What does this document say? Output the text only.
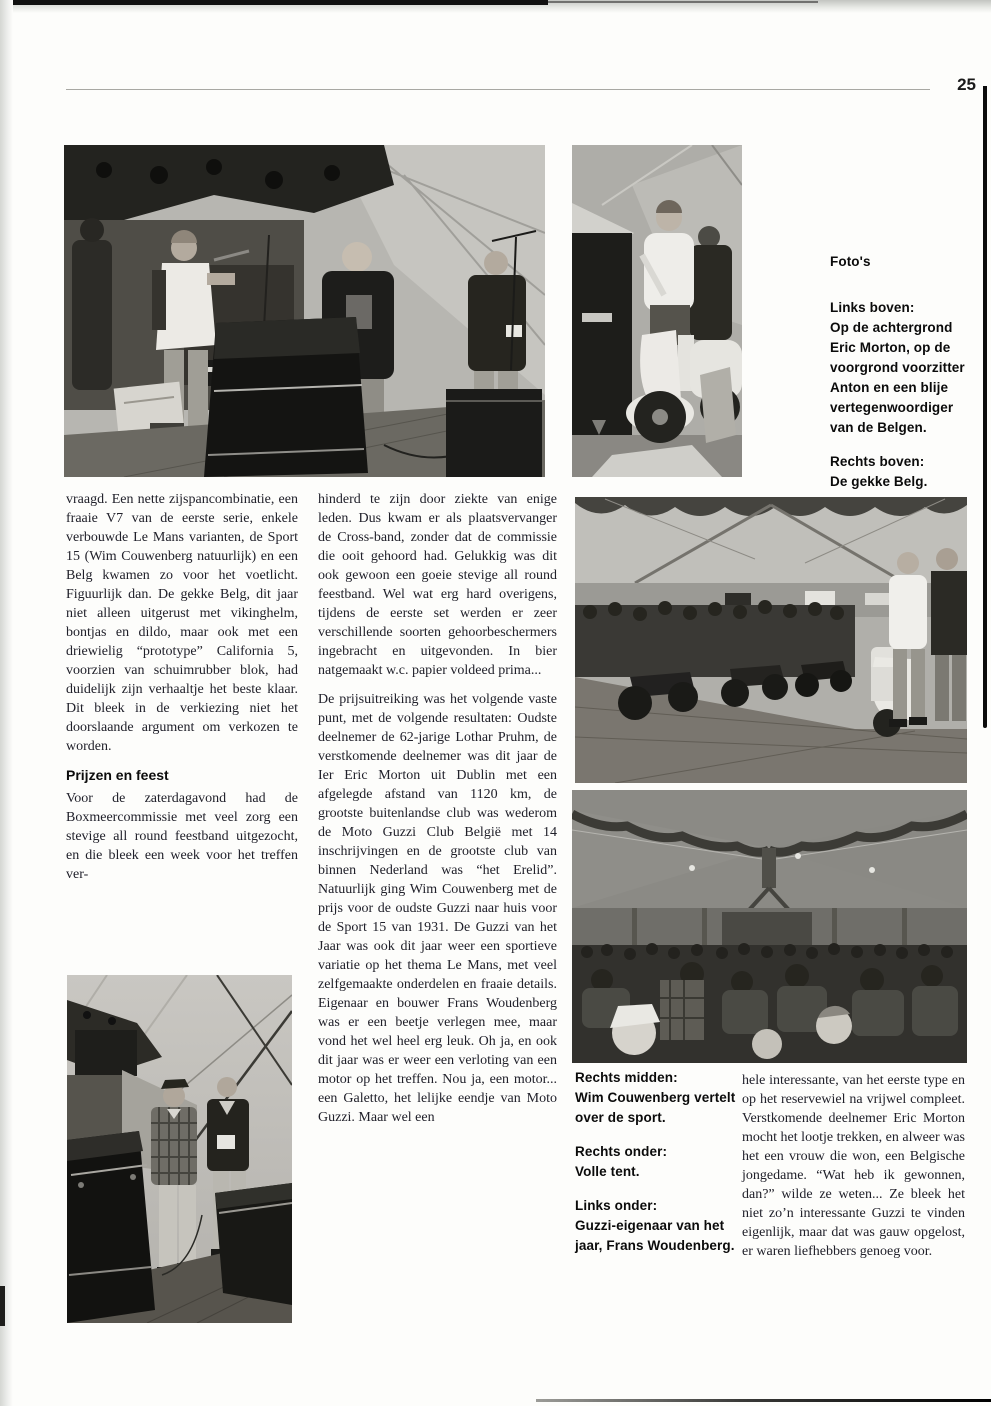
25
Foto's
Links boven:
Op de achtergrond Eric Morton, op de voorgrond voorzitter Anton en een blije vertegenwoordiger van de Belgen.
Rechts boven:
De gekke Belg.

vraagd. Een nette zijspancombinatie, een fraaie V7 van de eerste serie, enkele verbouwde Le Mans varianten, de Sport 15 (Wim Couwenberg natuurlijk) en een Belg kwamen zo voor het voetlicht. Figuurlijk dan. De gekke Belg, dit jaar niet alleen uitgerust met vikinghelm, bontjas en dildo, maar ook met een driewielig “prototype” California 5, voorzien van schuimrubber blok, had duidelijk zijn verhaaltje het beste klaar. Dit bleek in de verkiezing niet het doorslaande argument om verkozen te worden.

Prijzen en feest

Voor de zaterdagavond had de Boxmeercommissie met veel zorg een stevige all round feestband uitgezocht, en die bleek een week voor het treffen ver-

hinderd te zijn door ziekte van enige leden. Dus kwam er als plaatsvervanger de Cross-band, zonder dat de commissie die ooit gehoord had. Gelukkig was dit ook gewoon een goeie stevige all round feestband. Wel wat erg hard overigens, tijdens de eerste set werden er zeer verschillende soorten gehoorbeschermers ingebracht en uitgevonden. In bier natgemaakt w.c. papier voldeed prima...

De prijsuitreiking was het volgende vaste punt, met de volgende resultaten: Oudste deelnemer de 62-jarige Lothar Pruhm, de verstkomende deelnemer was dit jaar de Ier Eric Morton uit Dublin met een afgelegde afstand van 1120 km, de grootste buitenlandse club was wederom de Moto Guzzi Club België met 14 inschrijvingen en de grootste club van binnen Nederland was “het Erelid”. Natuurlijk ging Wim Couwenberg met de prijs voor de oudste Guzzi naar huis voor de Sport 15 van 1931. De Guzzi van het Jaar was ook dit jaar weer een sportieve variatie op het thema Le Mans, met veel zelfgemaakte onderdelen en fraaie details. Eigenaar en bouwer Frans Woudenberg was er een beetje verlegen mee, maar vond het wel heel erg leuk. Oh ja, en ook dit jaar was er weer een verloting van een motor op het treffen. Nou ja, een motor... een Galetto, het lelijke eendje van Moto Guzzi. Maar wel een

Rechts midden:
Wim Couwenberg vertelt over de sport.
Rechts onder:
Volle tent.
Links onder:
Guzzi-eigenaar van het jaar, Frans Woudenberg.

hele interessante, van het eerste type en op het reservewiel na vrijwel compleet. Verstkomende deelnemer Eric Morton mocht het lootje trekken, en alweer was het een vrouw die won, een Belgische jongedame. “Wat heb ik gewonnen, dan?” wilde ze weten... Ze bleek het niet zo’n interessante Guzzi te vinden eigenlijk, maar dat was gauw opgelost, er waren liefhebbers genoeg voor.
